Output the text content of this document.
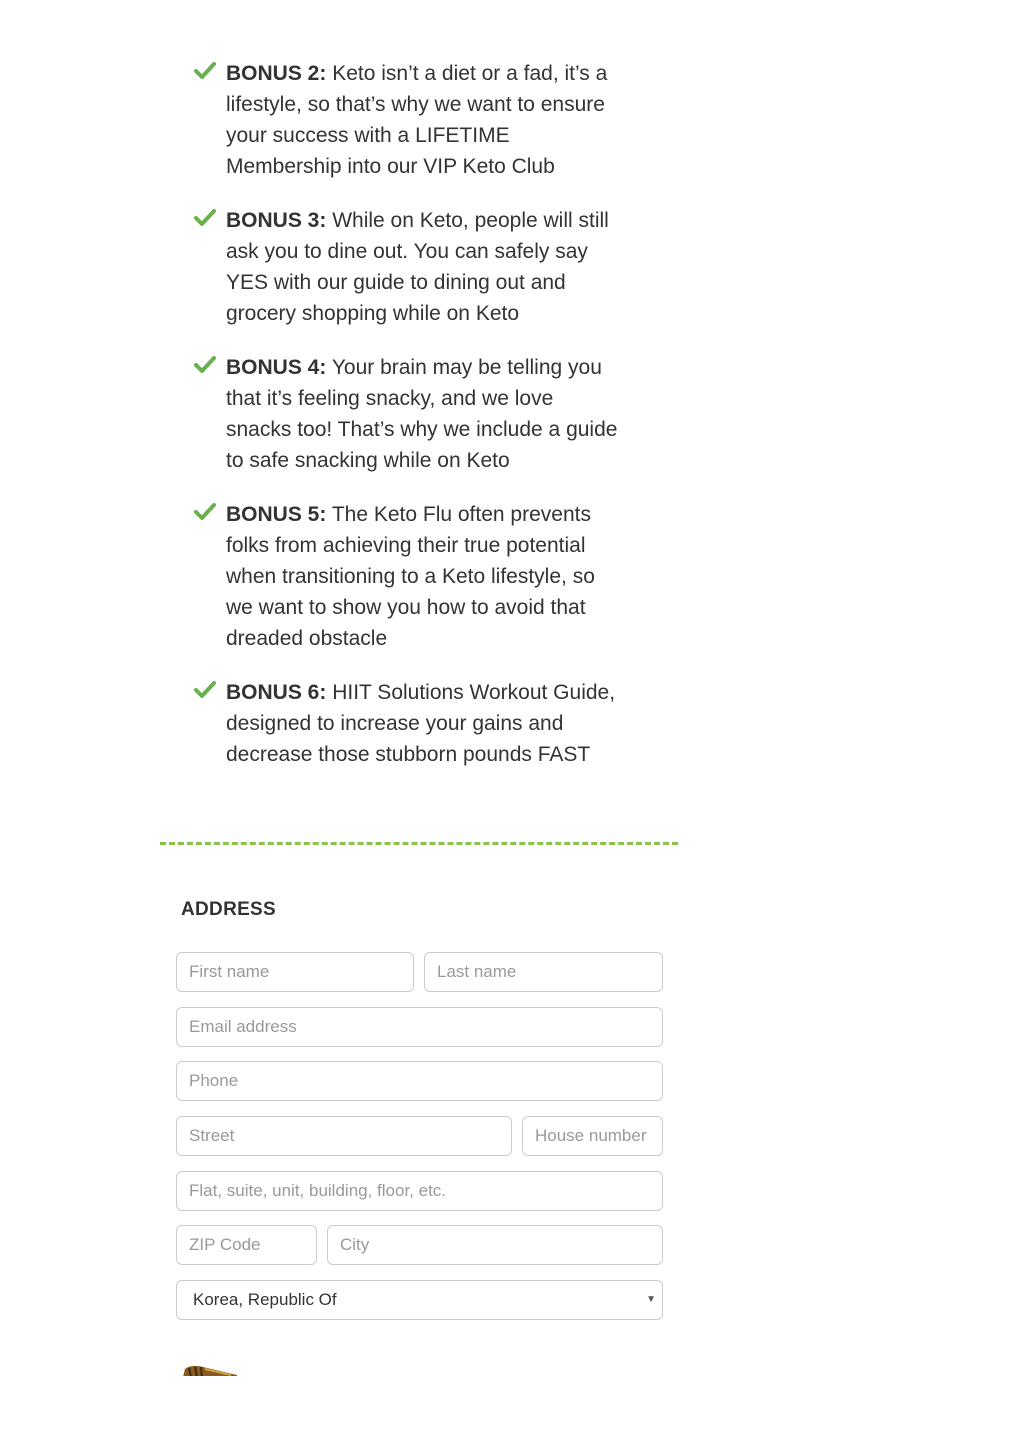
BONUS 2: Keto isn’t a diet or a fad, it’s a lifestyle, so that’s why we want to ensure your success with a LIFETIME Membership into our VIP Keto Club
BONUS 3: While on Keto, people will still ask you to dine out. You can safely say YES with our guide to dining out and grocery shopping while on Keto
BONUS 4: Your brain may be telling you that it’s feeling snacky, and we love snacks too! That’s why we include a guide to safe snacking while on Keto
BONUS 5: The Keto Flu often prevents folks from achieving their true potential when transitioning to a Keto lifestyle, so we want to show you how to avoid that dreaded obstacle
BONUS 6: HIIT Solutions Workout Guide, designed to increase your gains and decrease those stubborn pounds FAST
ADDRESS
First name
Last name
Email address
Phone
Street
House number
Flat, suite, unit, building, floor, etc.
ZIP Code
City
Korea, Republic Of	▼
